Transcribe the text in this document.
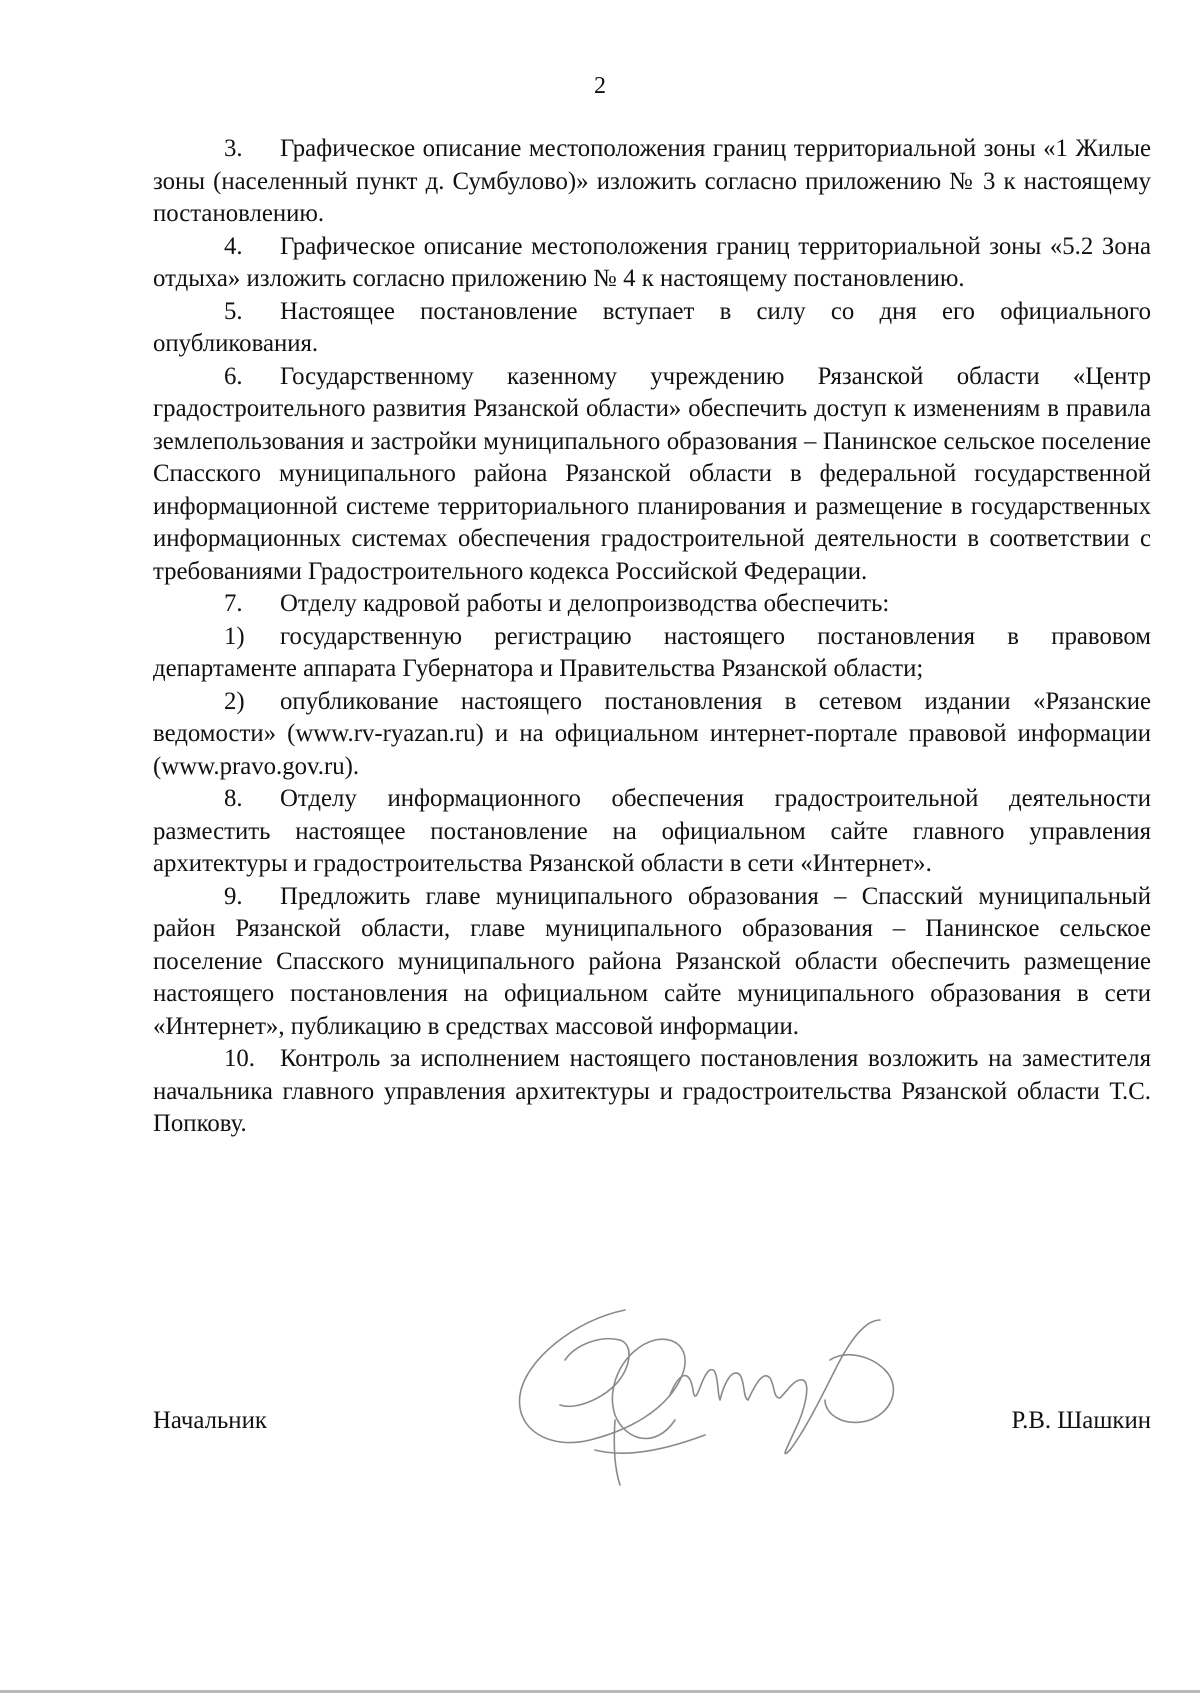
2

3. Графическое описание местоположения границ территориальной зоны «1 Жилые зоны (населенный пункт д. Сумбулово)» изложить согласно приложению № 3 к настоящему постановлению.

4. Графическое описание местоположения границ территориальной зоны «5.2 Зона отдыха» изложить согласно приложению № 4 к настоящему постановлению.

5. Настоящее постановление вступает в силу со дня его официального опубликования.

6. Государственному казенному учреждению Рязанской области «Центр градостроительного развития Рязанской области» обеспечить доступ к изменениям в правила землепользования и застройки муниципального образования – Панинское сельское поселение Спасского муниципального района Рязанской области в федеральной государственной информационной системе территориального планирования и размещение в государственных информационных системах обеспечения градостроительной деятельности в соответствии с требованиями Градостроительного кодекса Российской Федерации.

7. Отделу кадровой работы и делопроизводства обеспечить:

1) государственную регистрацию настоящего постановления в правовом департаменте аппарата Губернатора и Правительства Рязанской области;

2) опубликование настоящего постановления в сетевом издании «Рязанские ведомости» (www.rv-ryazan.ru) и на официальном интернет-портале правовой информации (www.pravo.gov.ru).

8. Отделу информационного обеспечения градостроительной деятельности разместить настоящее постановление на официальном сайте главного управления архитектуры и градостроительства Рязанской области в сети «Интернет».

9. Предложить главе муниципального образования – Спасский муниципальный район Рязанской области, главе муниципального образования – Панинское сельское поселение Спасского муниципального района Рязанской области обеспечить размещение настоящего постановления на официальном сайте муниципального образования в сети «Интернет», публикацию в средствах массовой информации.

10. Контроль за исполнением настоящего постановления возложить на заместителя начальника главного управления архитектуры и градостроительства Рязанской области Т.С. Попкову.

Начальник	Р.В. Шашкин
